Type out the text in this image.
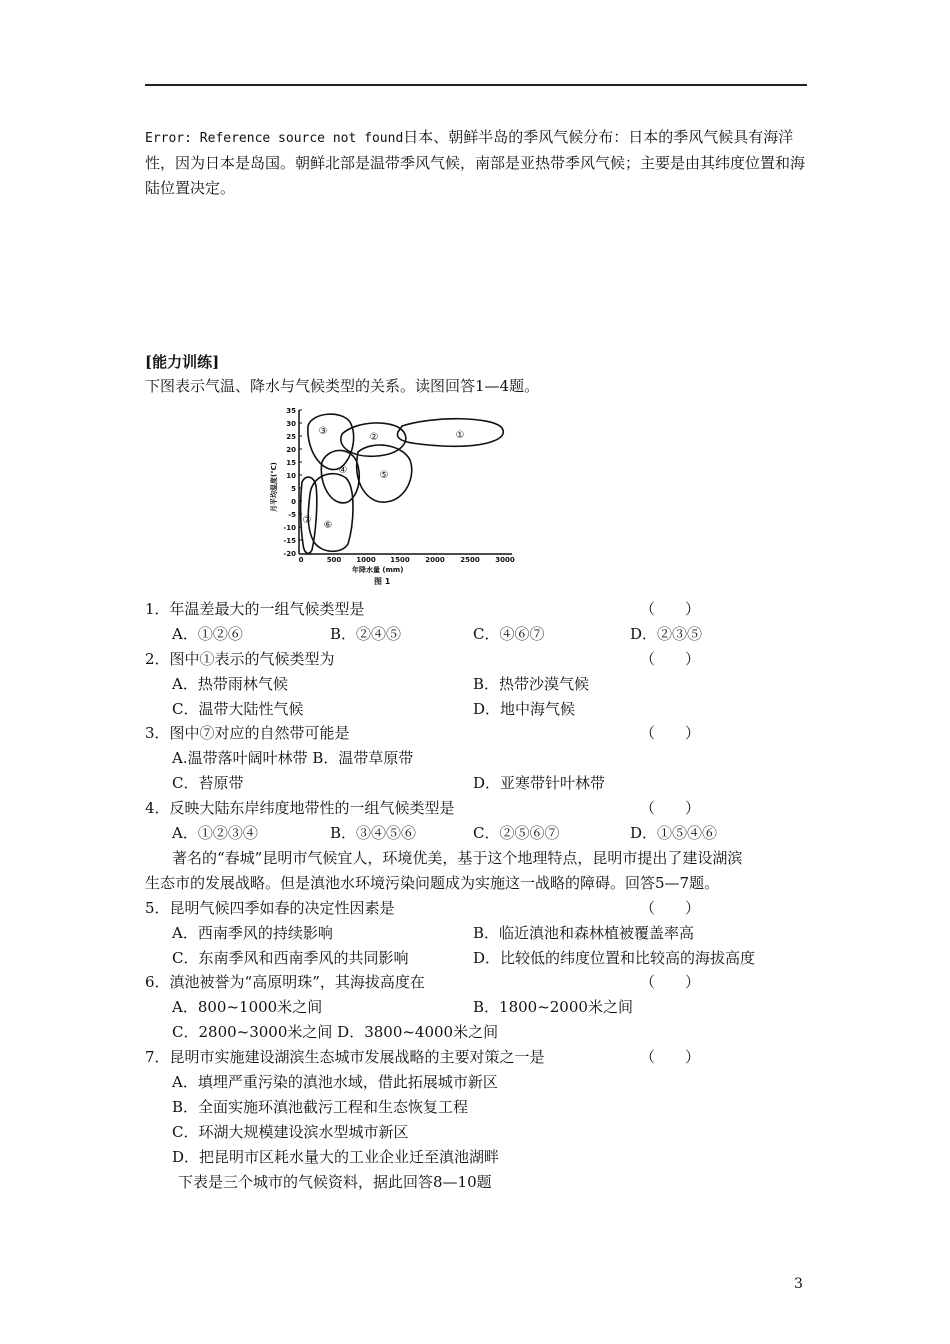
Error: Reference source not found日本、朝鲜半岛的季风气候分布：日本的季风气候具有海洋性，因为日本是岛国。朝鲜北部是温带季风气候，南部是亚热带季风气候；主要是由其纬度位置和海陆位置决定。
[能力训练]
下图表示气温、降水与气候类型的关系。读图回答1—4题。
35
30
25
20
15
10
5
0
-5
-10
-15
-20
0	500 1000 1500 2000 2500 3000
月平均温度(℃)
年降水量 (mm)
图 1
①
②
③
④	⑤
⑥
⑦
1．年温差最大的一组气候类型是	（　　）
A．①②⑥	B．②④⑤	C．④⑥⑦	D．②③⑤
2．图中①表示的气候类型为	（　　）
A．热带雨林气候	B．热带沙漠气候
C．温带大陆性气候	D．地中海气候
3．图中⑦对应的自然带可能是	（　　）
A.温带落叶阔叶林带 B．温带草原带
C．苔原带	D．亚寒带针叶林带
4．反映大陆东岸纬度地带性的一组气候类型是	（　　）
A．①②③④	B．③④⑤⑥	C．②⑤⑥⑦	D．①⑤④⑥
著名的“春城”昆明市气候宜人，环境优美，基于这个地理特点，昆明市提出了建设湖滨
生态市的发展战略。但是滇池水环境污染问题成为实施这一战略的障碍。回答5—7题。
5．昆明气候四季如春的决定性因素是	（　　）
A．西南季风的持续影响	B．临近滇池和森林植被覆盖率高
C．东南季风和西南季风的共同影响	D．比较低的纬度位置和比较高的海拔高度
6．滇池被誉为“高原明珠”，其海拔高度在	（　　）
A．800~1000米之间	B．1800~2000米之间
C．2800~3000米之间 D．3800~4000米之间
7．昆明市实施建设湖滨生态城市发展战略的主要对策之一是	（　　）
A．填埋严重污染的滇池水域，借此拓展城市新区
B．全面实施环滇池截污工程和生态恢复工程
C．环湖大规模建设滨水型城市新区
D．把昆明市区耗水量大的工业企业迁至滇池湖畔
下表是三个城市的气候资料，据此回答8—10题
3
